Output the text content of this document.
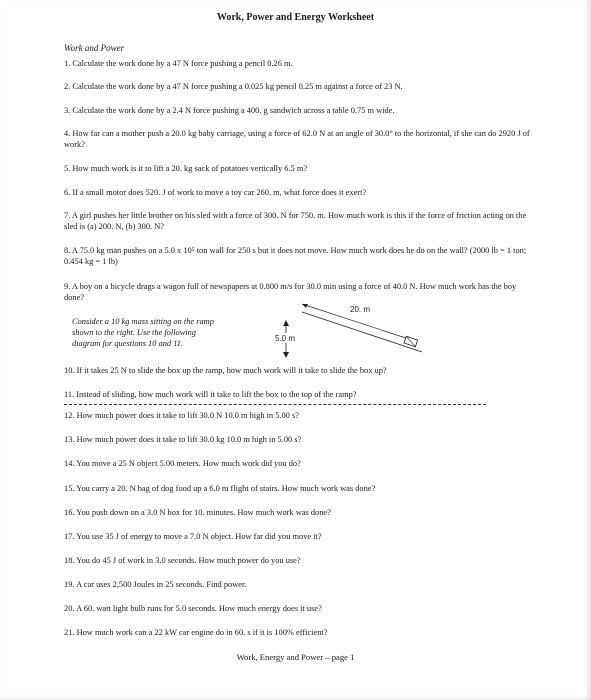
Work, Power and Energy Worksheet
Work and Power
1. Calculate the work done by a 47 N force pushing a pencil 0.26 m.
2. Calculate the work done by a 47 N force pushing a 0.025 kg pencil 0.25 m against a force of 23 N.
3. Calculate the work done by a 2.4 N force pushing a 400. g sandwich across a table 0.75 m wide.
4. How far can a mother push a 20.0 kg baby carriage, using a force of 62.0 N at an angle of 30.0° to the horizontal, if she can do 2920 J of work?
5. How much work is it to lift a 20. kg sack of potatoes vertically 6.5 m?
6. If a small motor does 520. J of work to move a toy car 260. m, what force does it exert?
7. A girl pushes her little brother on his sled with a force of 300. N for 750. m. How much work is this if the force of friction acting on the sled is (a) 200. N, (b) 300. N?
8. A 75.0 kg man pushes on a 5.0 x 10⁵ ton wall for 250 s but it does not move. How much work does he do on the wall? (2000 lb = 1 ton; 0.454 kg = 1 lb)
9. A boy on a bicycle drags a wagon full of newspapers at 0.800 m/s for 30.0 min using a force of 40.0 N. How much work has the boy done?
Consider a 10 kg mass sitting on the ramp
shown to the right. Use the following
diagram for questions 10 and 11.
20. m
5.0 m
10. If it takes 25 N to slide the box up the ramp, how much work will it take to slide the box up?
11. Instead of sliding, how much work will it take to lift the box to the top of the ramp?
12. How much power does it take to lift 30.0 N 10.0 m high in 5.00 s?
13. How much power does it take to lift 30.0 kg 10.0 m high in 5.00 s?
14. You move a 25 N object 5.00 meters. How much work did you do?
15. You carry a 20. N bag of dog food up a 6.0 m flight of stairs. How much work was done?
16. You push down on a 3.0 N box for 10. minutes. How much work was done?
17. You use 35 J of energy to move a 7.0 N object. How far did you move it?
18. You do 45 J of work in 3.0 seconds. How much power do you use?
19. A car uses 2,500 Joules in 25 seconds. Find power.
20. A 60. watt light bulb runs for 5.0 seconds. How much energy does it use?
21. How much work can a 22 kW car engine do in 60. s if it is 100% efficient?
Work, Energy and Power – page 1
